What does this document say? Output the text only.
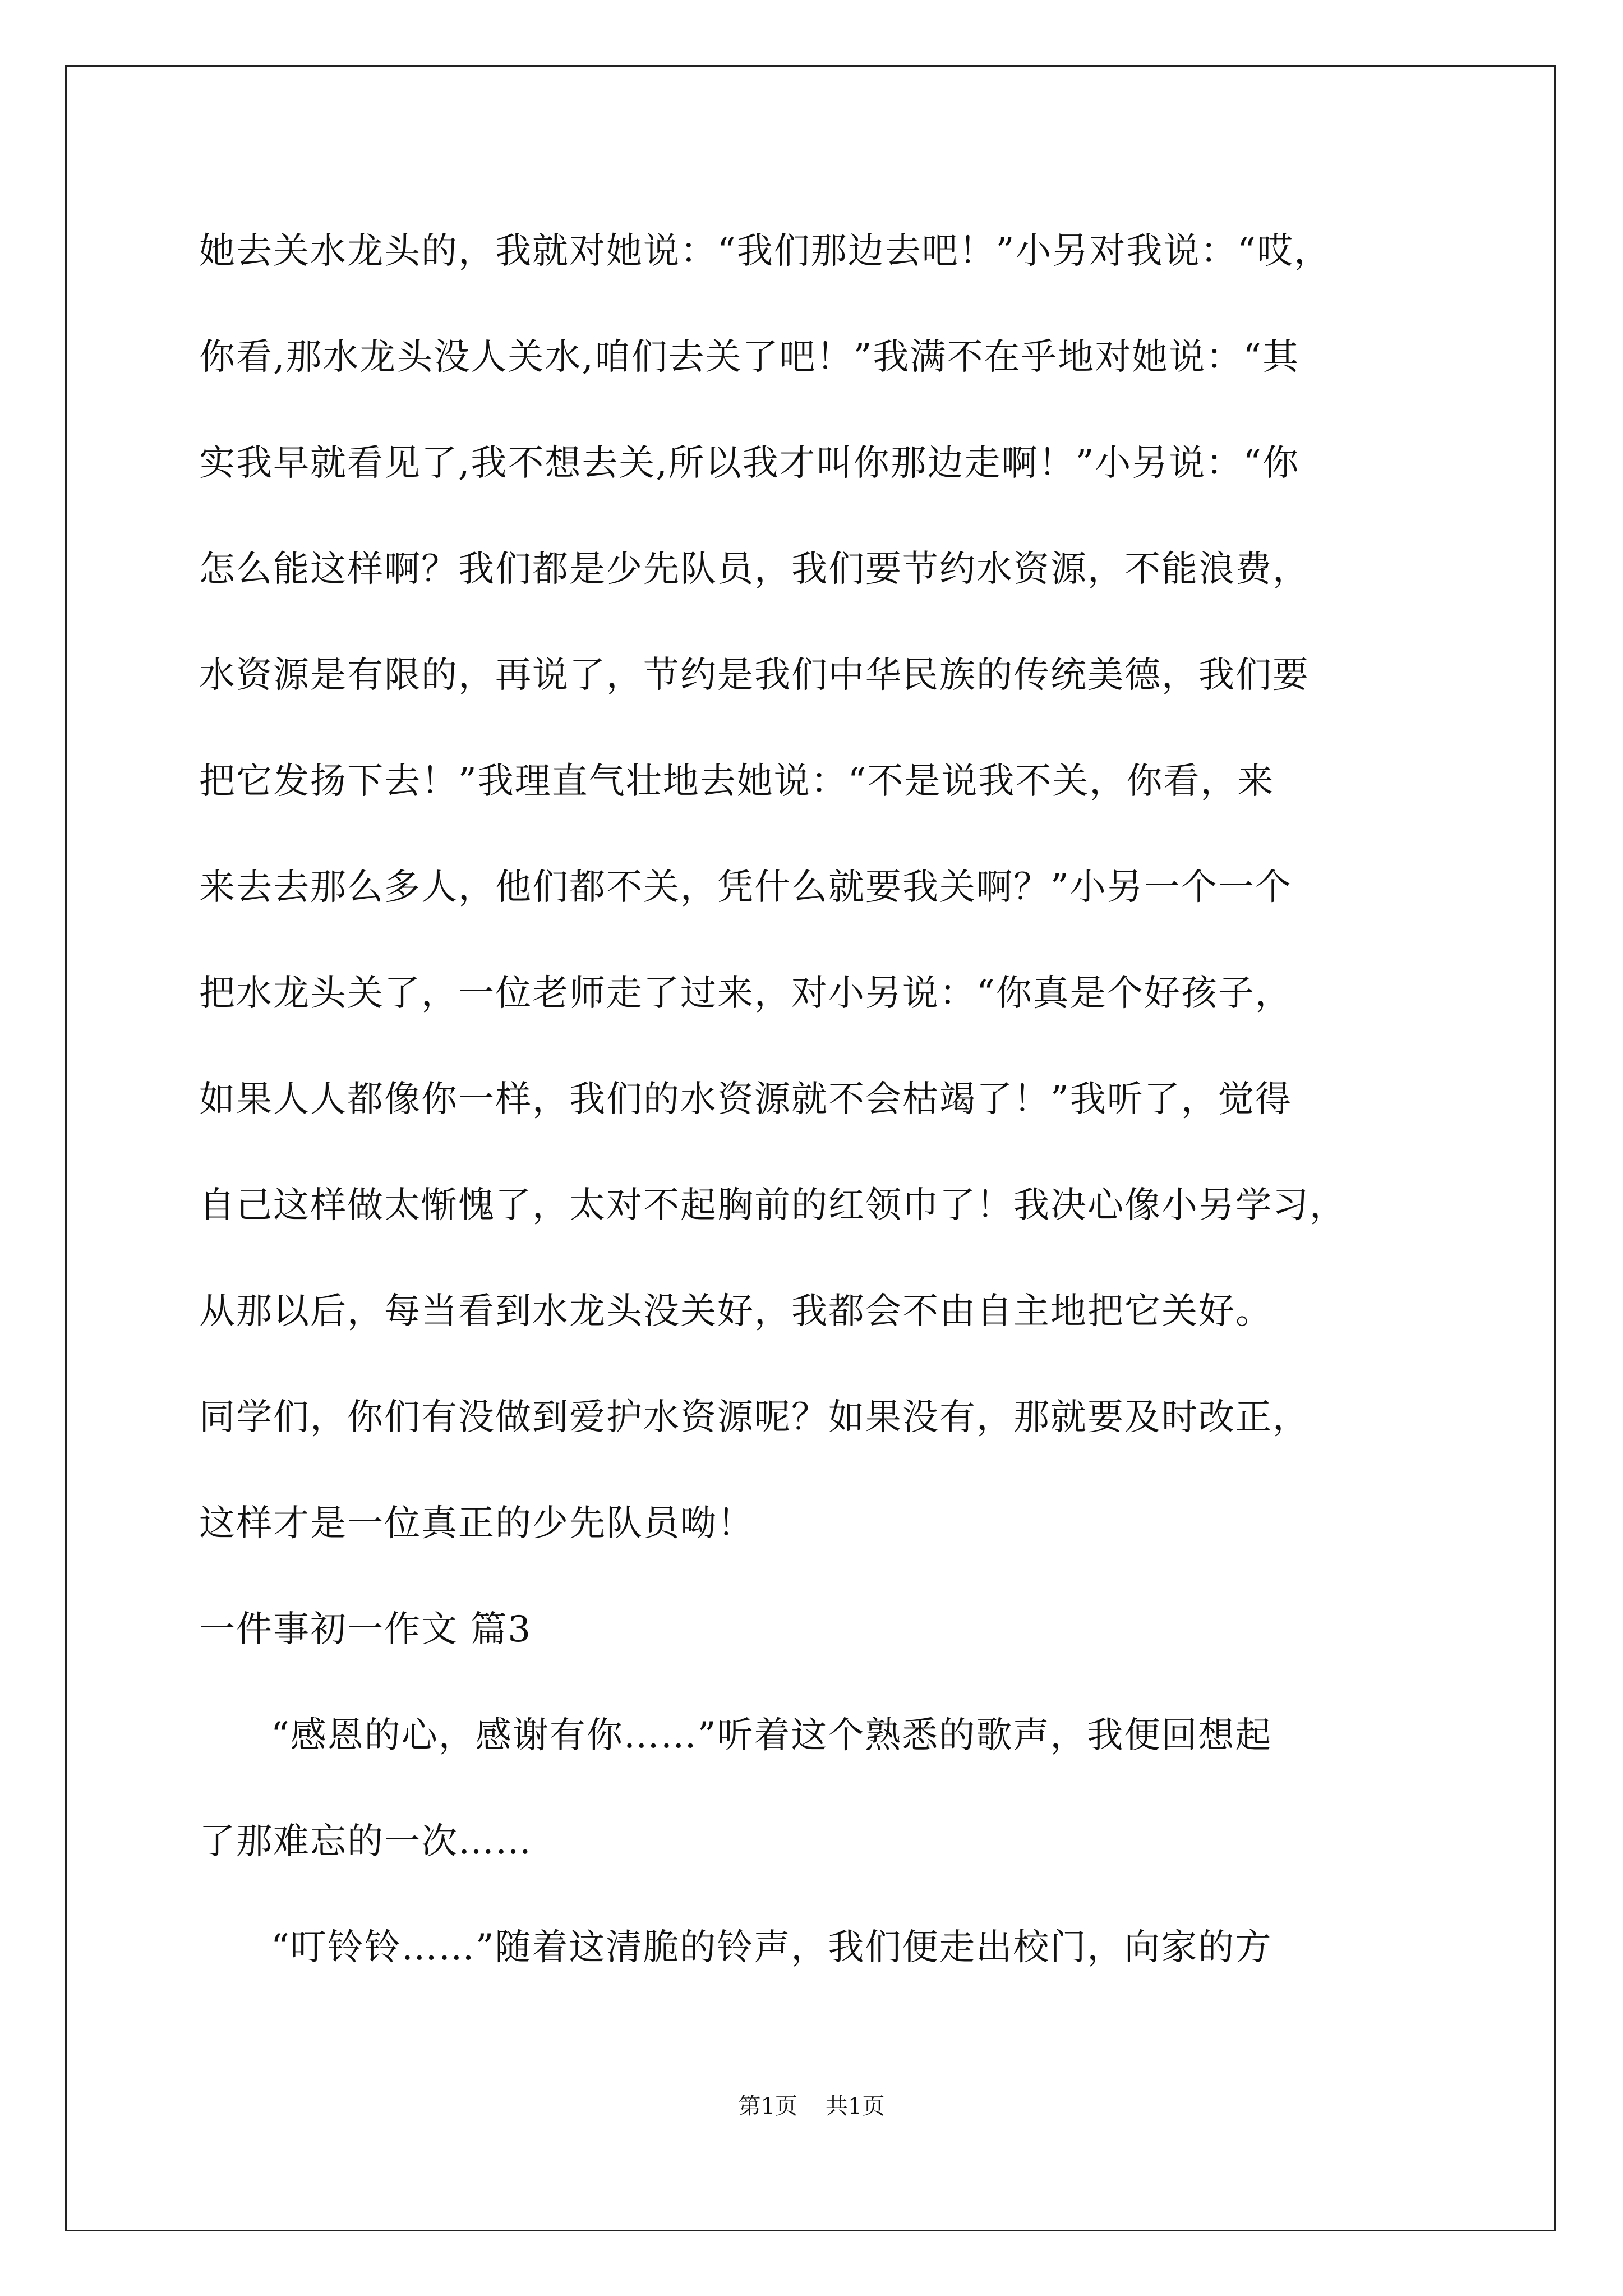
她去关水龙头的，我就对她说：“我们那边去吧！”小另对我说：“哎，
你看,那水龙头没人关水,咱们去关了吧！”我满不在乎地对她说：“其
实我早就看见了,我不想去关,所以我才叫你那边走啊！”小另说：“你
怎么能这样啊？我们都是少先队员，我们要节约水资源，不能浪费，
水资源是有限的，再说了，节约是我们中华民族的传统美德，我们要
把它发扬下去！”我理直气壮地去她说：“不是说我不关，你看，来
来去去那么多人，他们都不关，凭什么就要我关啊？”小另一个一个
把水龙头关了，一位老师走了过来，对小另说：“你真是个好孩子，
如果人人都像你一样，我们的水资源就不会枯竭了！”我听了，觉得
自己这样做太惭愧了，太对不起胸前的红领巾了！我决心像小另学习，
从那以后，每当看到水龙头没关好，我都会不由自主地把它关好。
同学们，你们有没做到爱护水资源呢？如果没有，那就要及时改正，
这样才是一位真正的少先队员呦！
一件事初一作文 篇3
“感恩的心，感谢有你……”听着这个熟悉的歌声，我便回想起
了那难忘的一次……
“叮铃铃……”随着这清脆的铃声，我们便走出校门，向家的方
第1页 共1页
